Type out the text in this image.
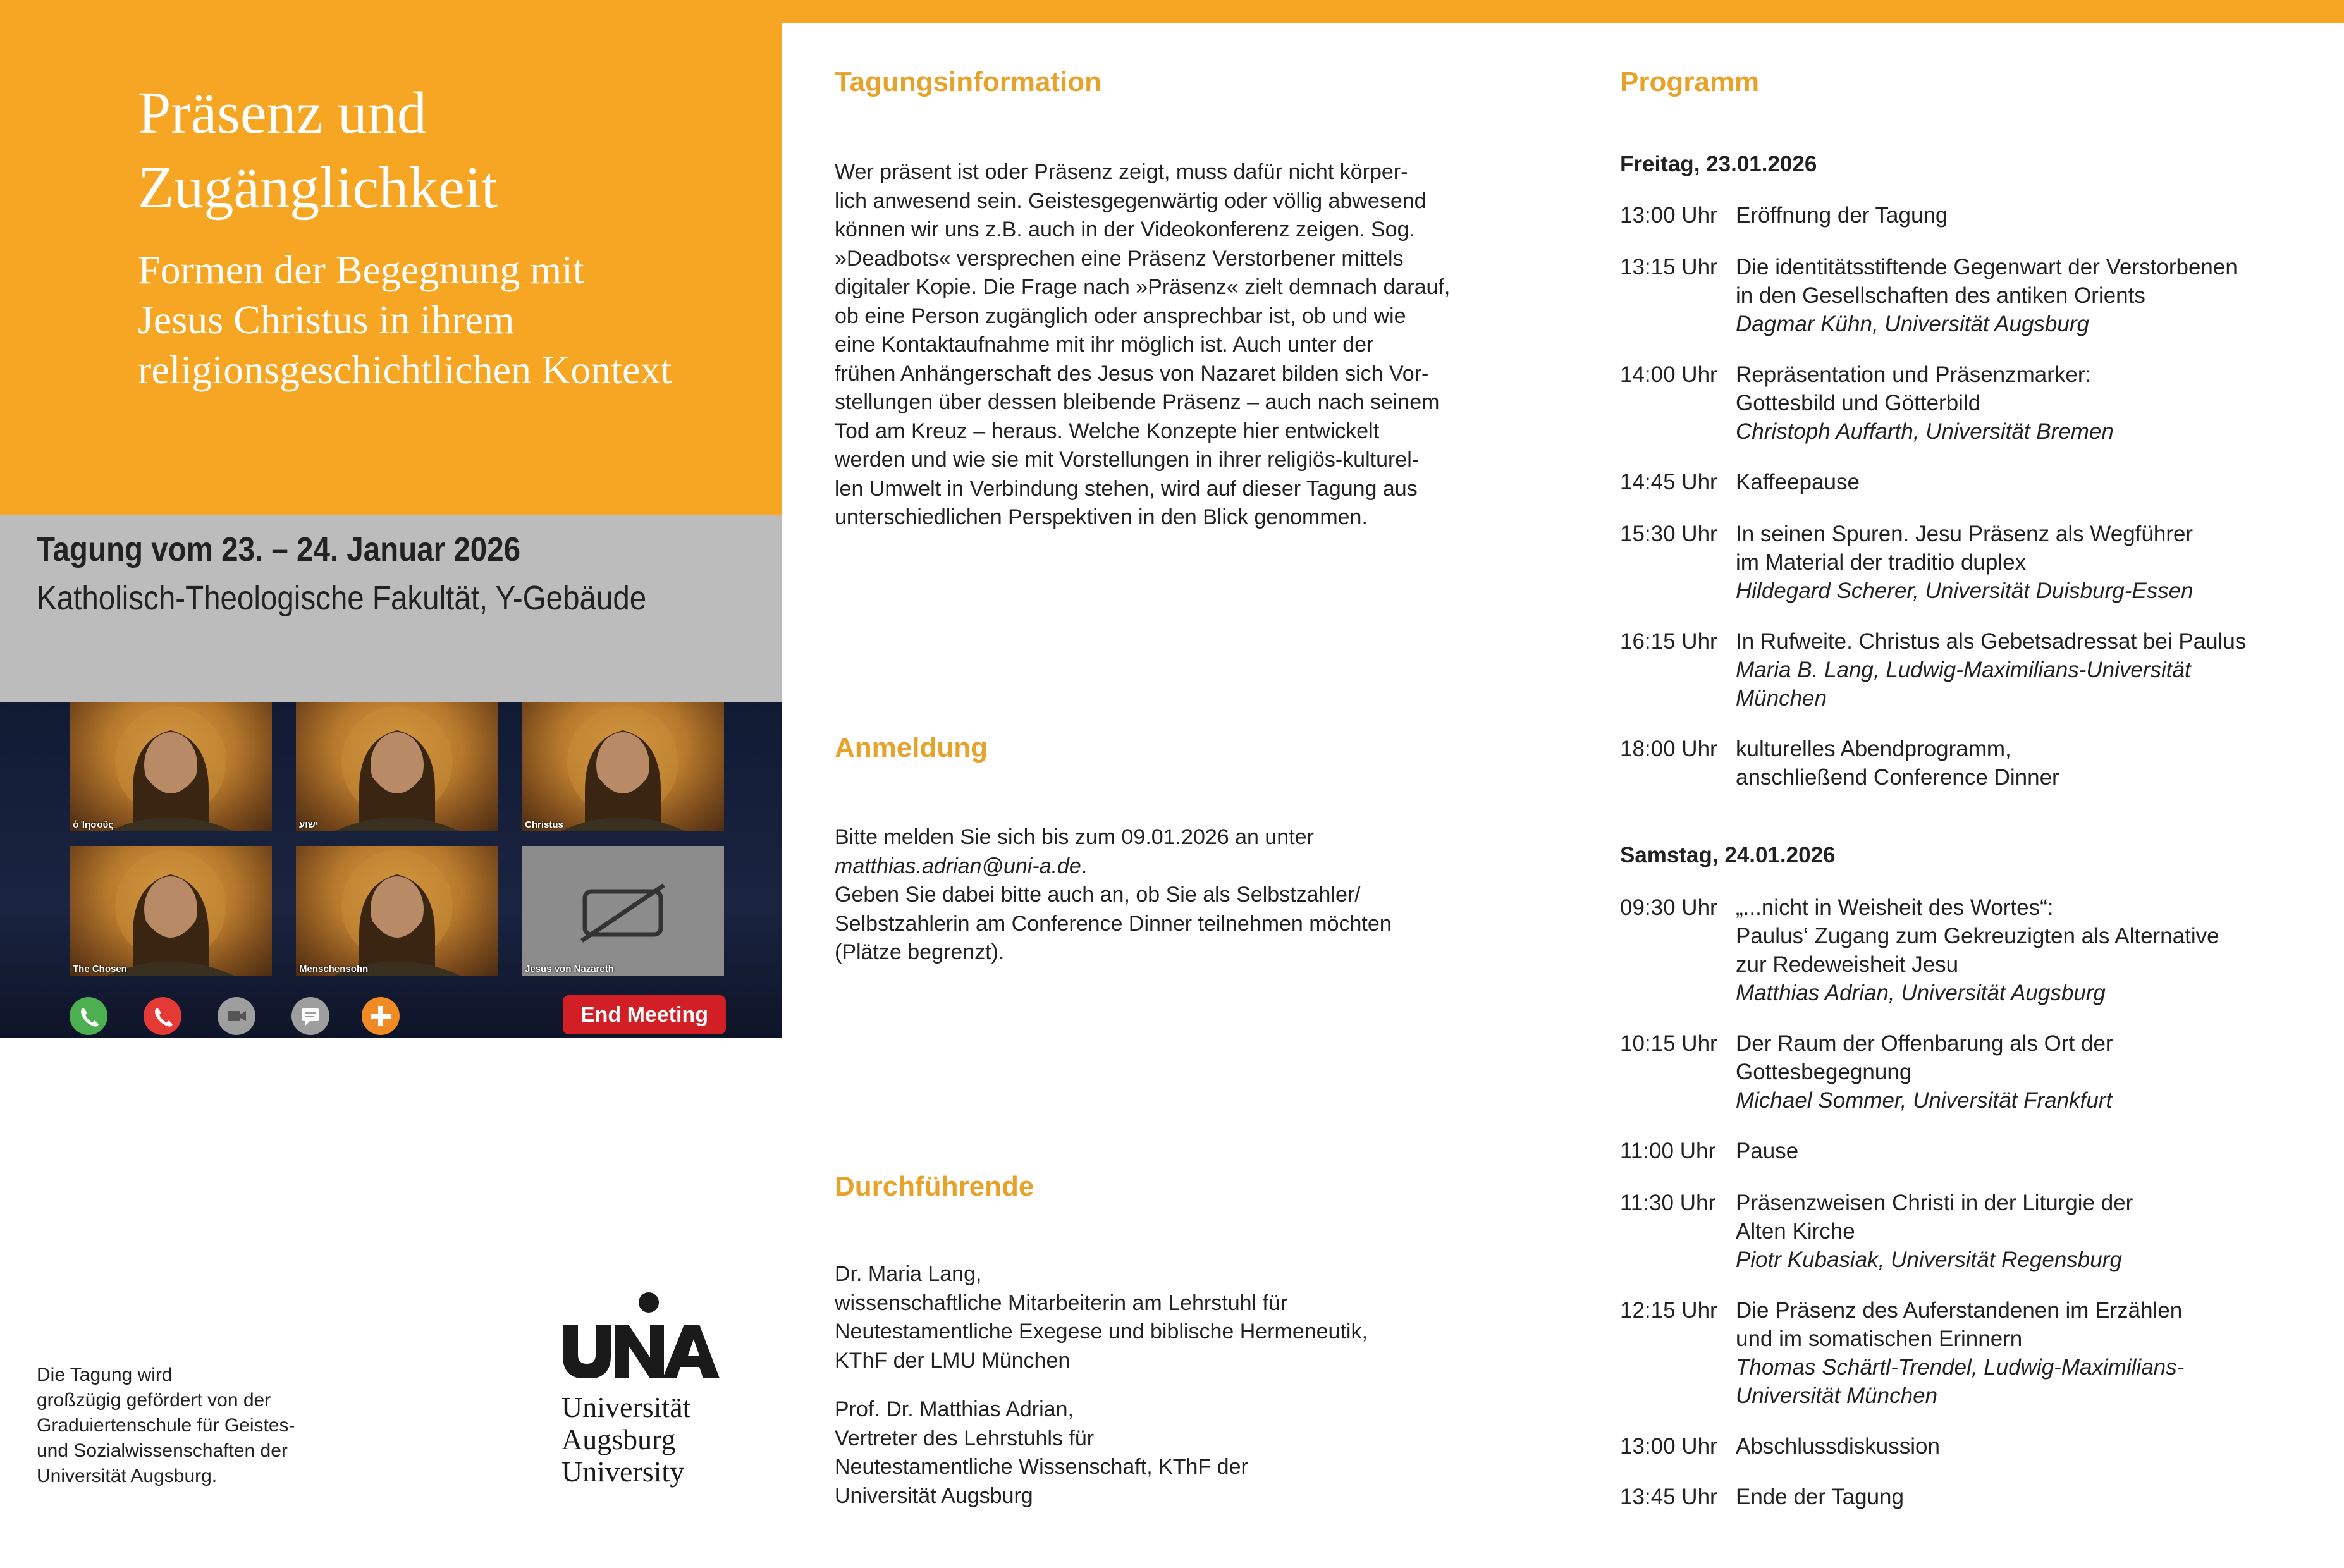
Präsenz und
Zugänglichkeit
Formen der Begegnung mit
Jesus Christus in ihrem
religionsgeschichtlichen Kontext
Tagung vom 23. – 24. Januar 2026
Katholisch-Theologische Fakultät, Y-Gebäude
ὁ Ἰησοῦς	ישוע	Christus
The Chosen	Menschensohn	Jesus von Nazareth
End Meeting
Die Tagung wird
großzügig gefördert von der
Graduiertenschule für Geistes-
und Sozialwissenschaften der
Universität Augsburg.
Universität
Augsburg
University
Tagungsinformation
Wer präsent ist oder Präsenz zeigt, muss dafür nicht körper-
lich anwesend sein. Geistesgegenwärtig oder völlig abwesend
können wir uns z.B. auch in der Videokonferenz zeigen. Sog.
»Deadbots« versprechen eine Präsenz Verstorbener mittels
digitaler Kopie. Die Frage nach »Präsenz« zielt demnach darauf,
ob eine Person zugänglich oder ansprechbar ist, ob und wie
eine Kontaktaufnahme mit ihr möglich ist. Auch unter der
frühen Anhängerschaft des Jesus von Nazaret bilden sich Vor-
stellungen über dessen bleibende Präsenz – auch nach seinem
Tod am Kreuz – heraus. Welche Konzepte hier entwickelt
werden und wie sie mit Vorstellungen in ihrer religiös-kulturel-
len Umwelt in Verbindung stehen, wird auf dieser Tagung aus
unterschiedlichen Perspektiven in den Blick genommen.
Anmeldung
Bitte melden Sie sich bis zum 09.01.2026 an unter
matthias.adrian@uni-a.de.
Geben Sie dabei bitte auch an, ob Sie als Selbstzahler/
Selbstzahlerin am Conference Dinner teilnehmen möchten
(Plätze begrenzt).
Durchführende
Dr. Maria Lang,
wissenschaftliche Mitarbeiterin am Lehrstuhl für
Neutestamentliche Exegese und biblische Hermeneutik,
KThF der LMU München
Prof. Dr. Matthias Adrian,
Vertreter des Lehrstuhls für
Neutestamentliche Wissenschaft, KThF der
Universität Augsburg
Programm
Freitag, 23.01.2026
13:00 Uhr Eröffnung der Tagung
13:15 Uhr Die identitätsstiftende Gegenwart der Verstorbenen
in den Gesellschaften des antiken Orients
Dagmar Kühn, Universität Augsburg
14:00 Uhr Repräsentation und Präsenzmarker:
Gottesbild und Götterbild
Christoph Auffarth, Universität Bremen
14:45 Uhr Kaffeepause
15:30 Uhr In seinen Spuren. Jesu Präsenz als Wegführer
im Material der traditio duplex
Hildegard Scherer, Universität Duisburg-Essen
16:15 Uhr In Rufweite. Christus als Gebetsadressat bei Paulus
Maria B. Lang, Ludwig-Maximilians-Universität
München
18:00 Uhr kulturelles Abendprogramm,
anschließend Conference Dinner
Samstag, 24.01.2026
09:30 Uhr „...nicht in Weisheit des Wortes“:
Paulus‘ Zugang zum Gekreuzigten als Alternative
zur Redeweisheit Jesu
Matthias Adrian, Universität Augsburg
10:15 Uhr Der Raum der Offenbarung als Ort der
Gottesbegegnung
Michael Sommer, Universität Frankfurt
11:00 Uhr Pause
11:30 Uhr Präsenzweisen Christi in der Liturgie der
Alten Kirche
Piotr Kubasiak, Universität Regensburg
12:15 Uhr Die Präsenz des Auferstandenen im Erzählen
und im somatischen Erinnern
Thomas Schärtl-Trendel, Ludwig-Maximilians-
Universität München
13:00 Uhr Abschlussdiskussion
13:45 Uhr Ende der Tagung
